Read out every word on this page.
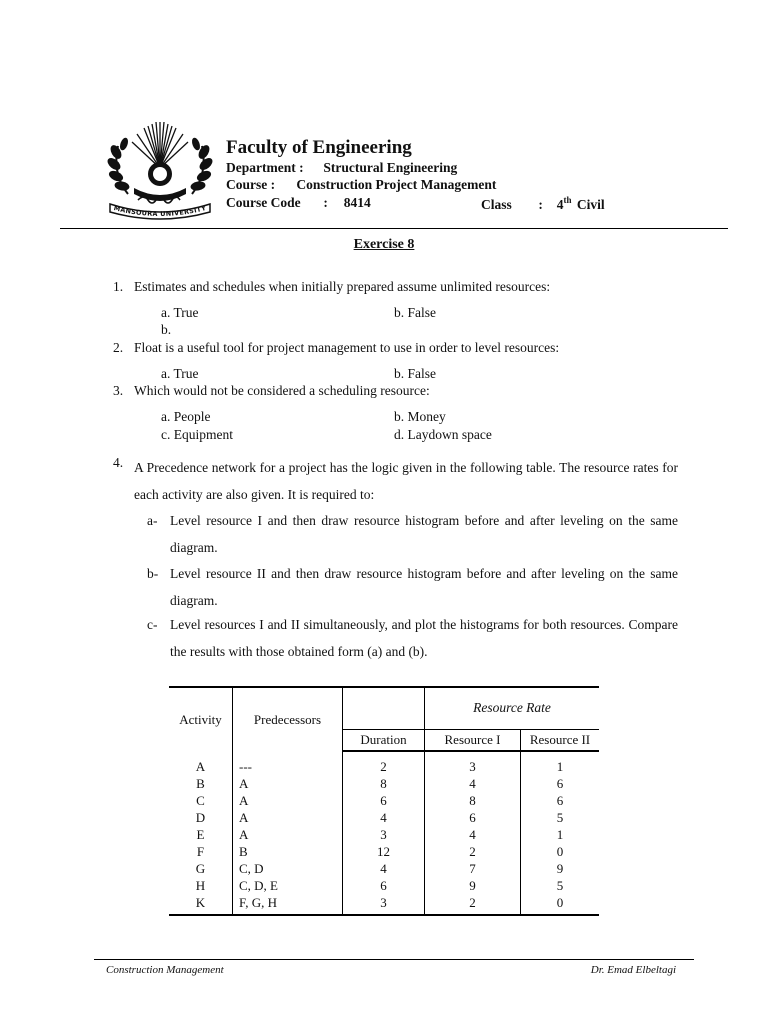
MANSOURA UNIVERSITY
Faculty of Engineering
Department : Structural Engineering
Course : Construction Project Management
Course Code : 8414	Class : 4th Civil
Exercise 8
1. Estimates and schedules when initially prepared assume unlimited resources:
a. True	b. False
b.
2. Float is a useful tool for project management to use in order to level resources:
a. True	b. False
3. Which would not be considered a scheduling resource:
a. People	b. Money
c. Equipment	d. Laydown space
4. A Precedence network for a project has the logic given in the following table. The resource rates for each activity are also given. It is required to:
a- Level resource I and then draw resource histogram before and after leveling on the same diagram.
b- Level resource II and then draw resource histogram before and after leveling on the same diagram.
c- Level resources I and II simultaneously, and plot the histograms for both resources. Compare the results with those obtained form (a) and (b).
Activity	Predecessors		Resource Rate	
		Duration	Resource I	Resource II
A	---	2	3	1
B	A	8	4	6
C	A	6	8	6
D	A	4	6	5
E	A	3	4	1
F	B	12	2	0
G	C, D	4	7	9
H	C, D, E	6	9	5
K	F, G, H	3	2	0
Construction Management	Dr. Emad Elbeltagi
